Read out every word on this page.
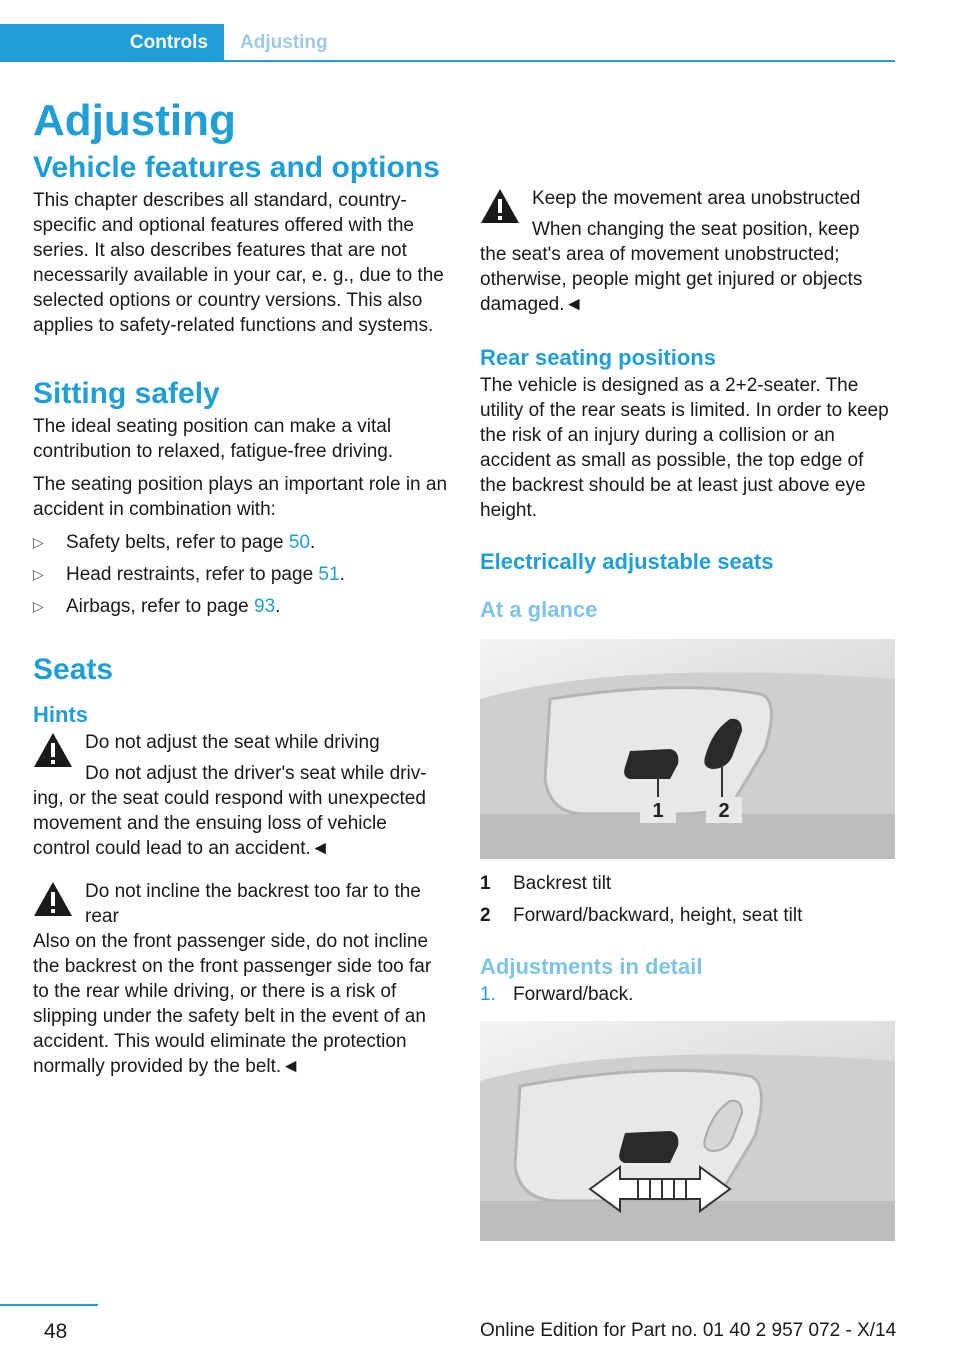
Controls Adjusting
Adjusting
Vehicle features and options

This chapter describes all standard, country-specific and optional features offered with the series. It also describes features that are not necessarily available in your car, e. g., due to the selected options or country versions. This also applies to safety-related functions and systems.

Sitting safely

The ideal seating position can make a vital contribution to relaxed, fatigue-free driving.

The seating position plays an important role in an accident in combination with:

▷ Safety belts, refer to page 50.
▷ Head restraints, refer to page 51.
▷ Airbags, refer to page 93.
Seats
Hints
Do not adjust the seat while driving
Do not adjust the driver's seat while driv-
ing, or the seat could respond with unexpected movement and the ensuing loss of vehicle control could lead to an accident.◄
Do not incline the backrest too far to the
rear
Also on the front passenger side, do not incline the backrest on the front passenger side too far to the rear while driving, or there is a risk of slipping under the safety belt in the event of an accident. This would eliminate the protection normally provided by the belt.◄
Keep the movement area unobstructed
When changing the seat position, keep
the seat's area of movement unobstructed; otherwise, people might get injured or objects damaged.◄
Rear seating positions

The vehicle is designed as a 2+2-seater. The utility of the rear seats is limited. In order to keep the risk of an injury during a collision or an accident as small as possible, the top edge of the backrest should be at least just above eye height.

Electrically adjustable seats
At a glance
1	2
1	Backrest tilt
2	Forward/backward, height, seat tilt
Adjustments in detail
1. Forward/back.
48	Online Edition for Part no. 01 40 2 957 072 - X/14
